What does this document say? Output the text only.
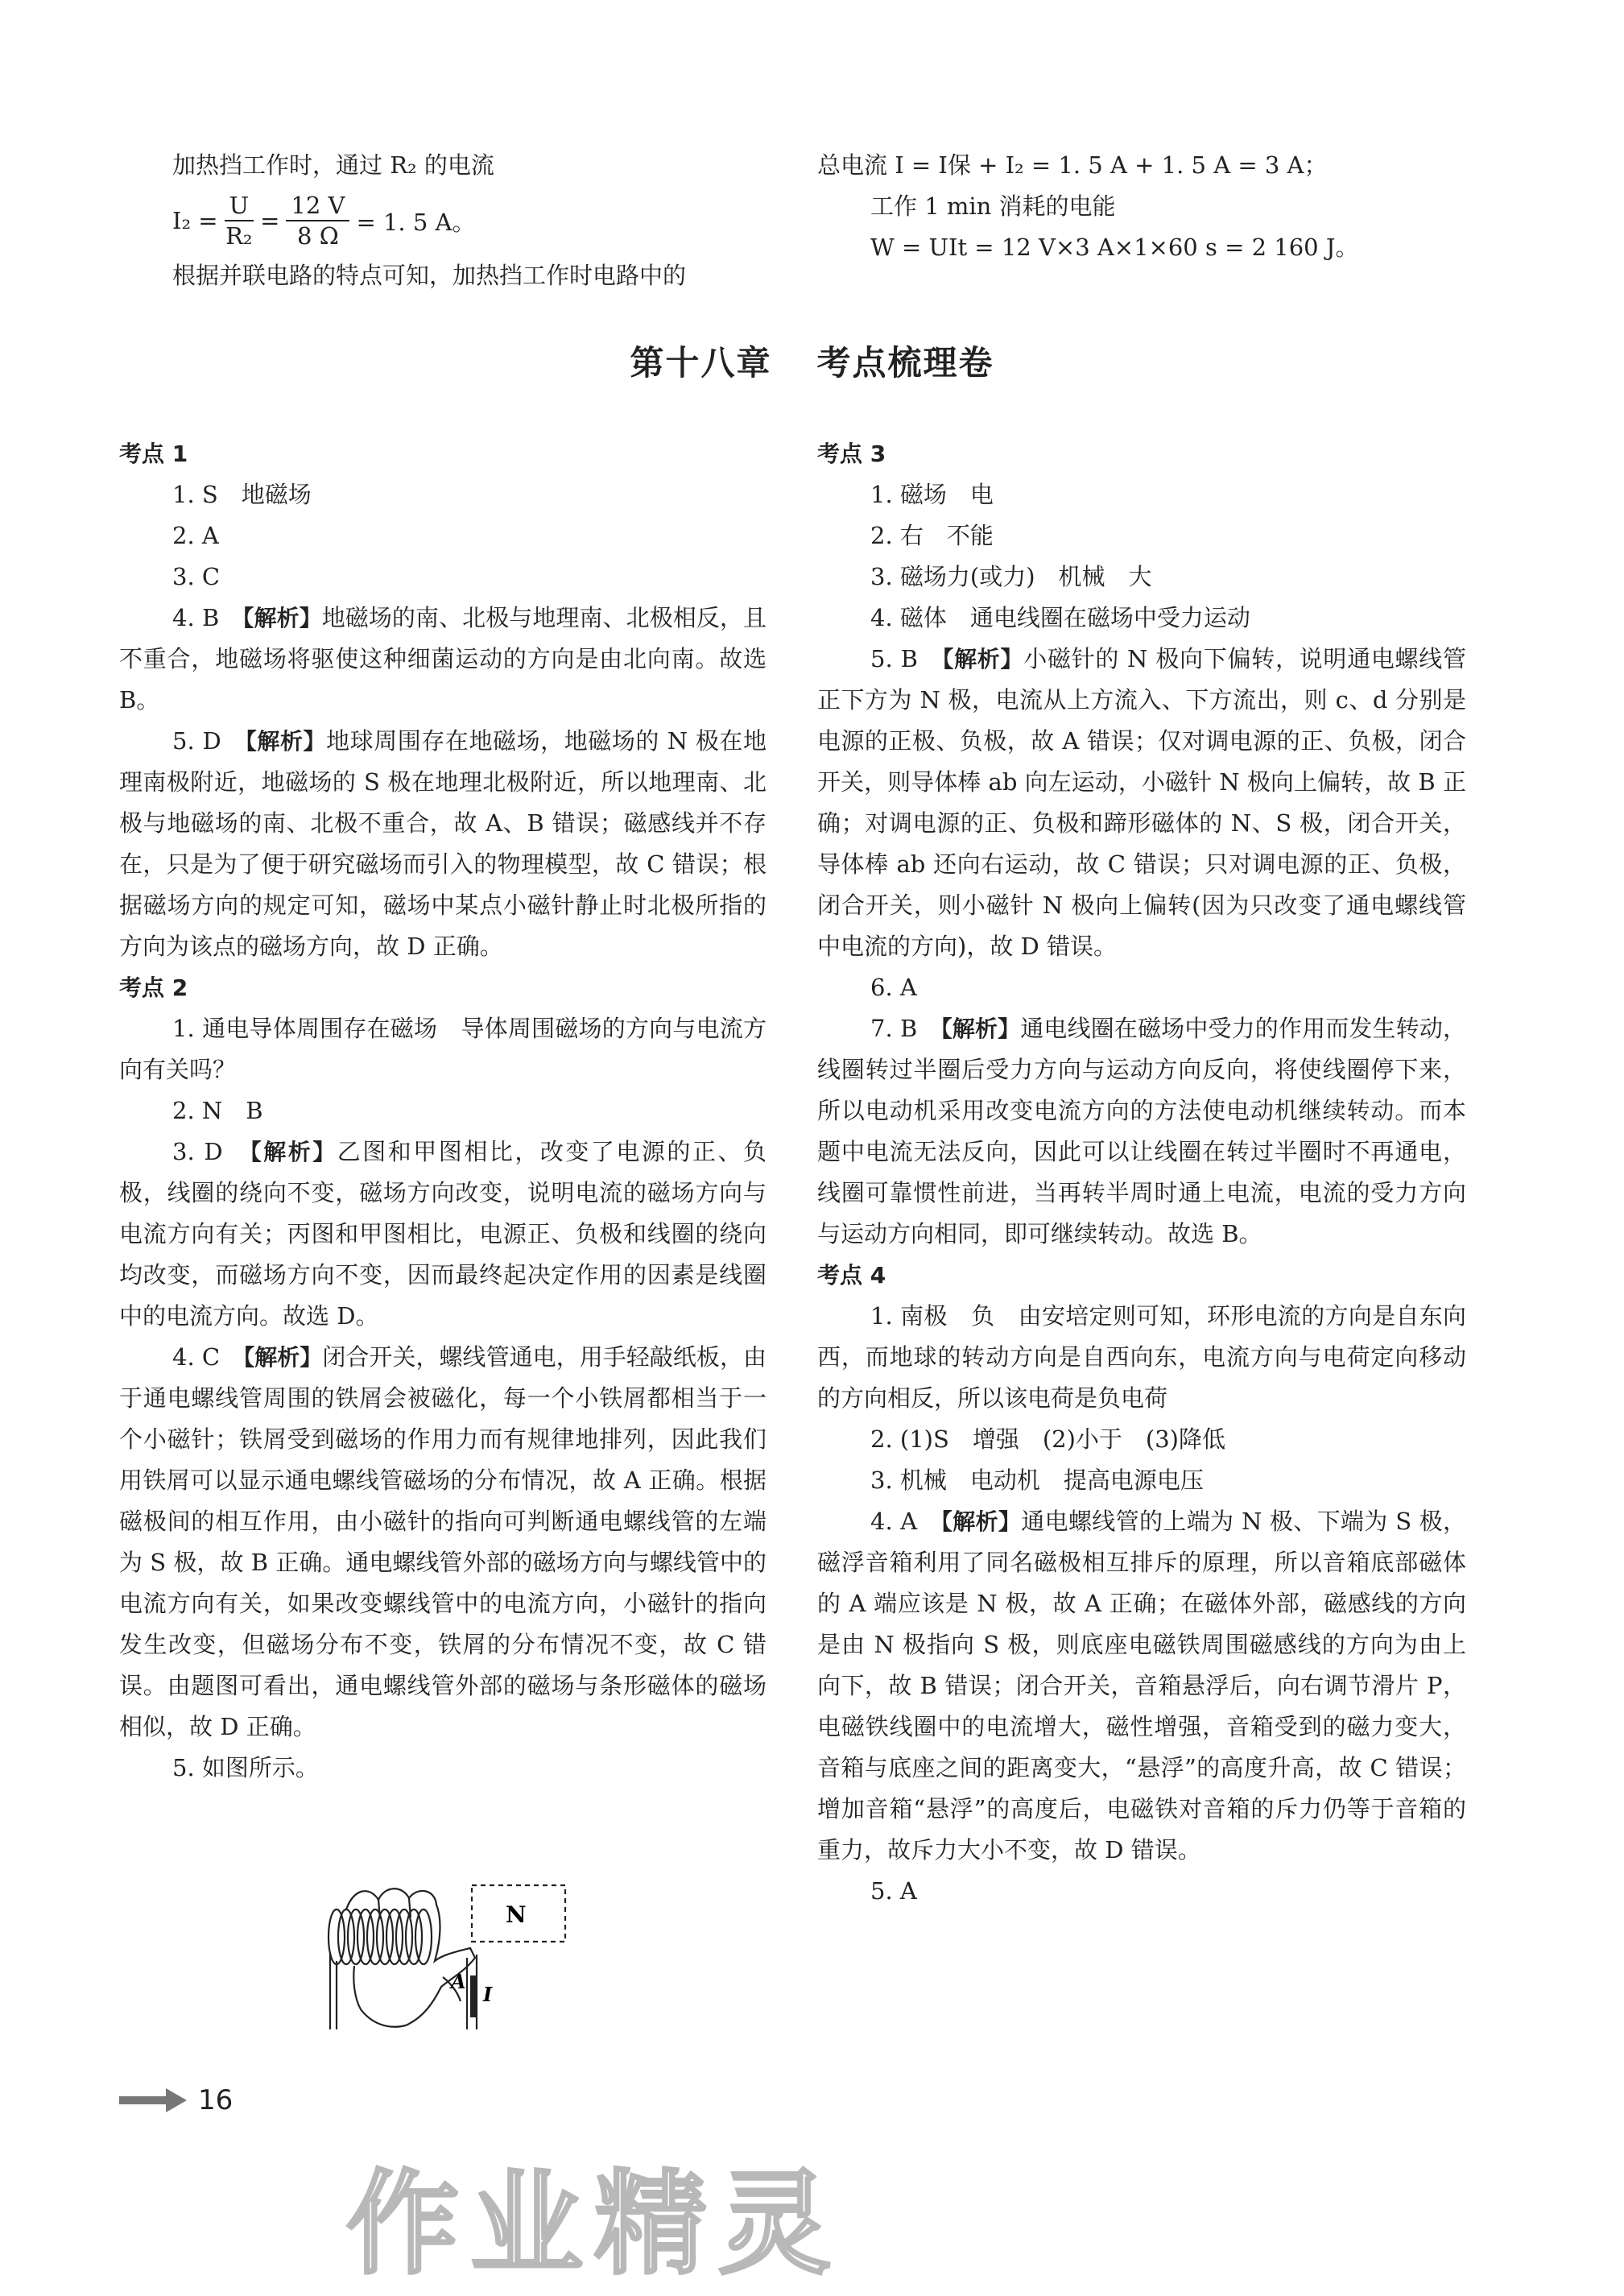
加热挡工作时，通过 R₂ 的电流

$I_2 = \frac{U}{\text{R₂}} = \frac{12 V}{8 \Omega} = 1$. 5 A。

根据并联电路的特点可知，加热挡工作时电路中的

总电流 I = I保 + I₂ = 1. 5 A + 1. 5 A = 3 A；

工作 1 min 消耗的电能

W = UIt = 12 V×3 A×1×60 s = 2 160 J。

第十八章 考点梳理卷

考点 1

1. S　地磁场

2. A

3. C

4. B　【解析】地磁场的南、北极与地理南、北极相反，且不重合，地磁场将驱使这种细菌运动的方向是由北向南。故选 B。

5. D　【解析】地球周围存在地磁场，地磁场的 N 极在地理南极附近，地磁场的 S 极在地理北极附近，所以地理南、北极与地磁场的南、北极不重合，故 A、B 错误；磁感线并不存在，只是为了便于研究磁场而引入的物理模型，故 C 错误；根据磁场方向的规定可知，磁场中某点小磁针静止时北极所指的方向为该点的磁场方向，故 D 正确。

考点 2

1. 通电导体周围存在磁场　导体周围磁场的方向与电流方向有关吗？

2. N　B

3. D　【解析】乙图和甲图相比，改变了电源的正、负极，线圈的绕向不变，磁场方向改变，说明电流的磁场方向与电流方向有关；丙图和甲图相比，电源正、负极和线圈的绕向均改变，而磁场方向不变，因而最终起决定作用的因素是线圈中的电流方向。故选 D。

4. C　【解析】闭合开关，螺线管通电，用手轻敲纸板，由于通电螺线管周围的铁屑会被磁化，每一个小铁屑都相当于一个小磁针；铁屑受到磁场的作用力而有规律地排列，因此我们用铁屑可以显示通电螺线管磁场的分布情况，故 A 正确。根据磁极间的相互作用，由小磁针的指向可判断通电螺线管的左端为 S 极，故 B 正确。通电螺线管外部的磁场方向与螺线管中的电流方向有关，如果改变螺线管中的电流方向，小磁针的指向发生改变，但磁场分布不变，铁屑的分布情况不变，故 C 错误。由题图可看出，通电螺线管外部的磁场与条形磁体的磁场相似，故 D 正确。

5. 如图所示。

N
A
I

考点 3

1. 磁场　电

2. 右　不能

3. 磁场力(或力)　机械　大

4. 磁体　通电线圈在磁场中受力运动

5. B　【解析】小磁针的 N 极向下偏转，说明通电螺线管正下方为 N 极，电流从上方流入、下方流出，则 c、d 分别是电源的正极、负极，故 A 错误；仅对调电源的正、负极，闭合开关，则导体棒 ab 向左运动，小磁针 N 极向上偏转，故 B 正确；对调电源的正、负极和蹄形磁体的 N、S 极，闭合开关，导体棒 ab 还向右运动，故 C 错误；只对调电源的正、负极，闭合开关，则小磁针 N 极向上偏转(因为只改变了通电螺线管中电流的方向)，故 D 错误。

6. A

7. B　【解析】通电线圈在磁场中受力的作用而发生转动，线圈转过半圈后受力方向与运动方向反向，将使线圈停下来，所以电动机采用改变电流方向的方法使电动机继续转动。而本题中电流无法反向，因此可以让线圈在转过半圈时不再通电，线圈可靠惯性前进，当再转半周时通上电流，电流的受力方向与运动方向相同，即可继续转动。故选 B。

考点 4

1. 南极　负　由安培定则可知，环形电流的方向是自东向西，而地球的转动方向是自西向东，电流方向与电荷定向移动的方向相反，所以该电荷是负电荷

2. (1)S　增强　(2)小于　(3)降低

3. 机械　电动机　提高电源电压

4. A　【解析】通电螺线管的上端为 N 极、下端为 S 极，磁浮音箱利用了同名磁极相互排斥的原理，所以音箱底部磁体的 A 端应该是 N 极，故 A 正确；在磁体外部，磁感线的方向是由 N 极指向 S 极，则底座电磁铁周围磁感线的方向为由上向下，故 B 错误；闭合开关，音箱悬浮后，向右调节滑片 P，电磁铁线圈中的电流增大，磁性增强，音箱受到的磁力变大，音箱与底座之间的距离变大，“悬浮”的高度升高，故 C 错误；增加音箱“悬浮”的高度后，电磁铁对音箱的斥力仍等于音箱的重力，故斥力大小不变，故 D 错误。

5. A

16
作业精灵
